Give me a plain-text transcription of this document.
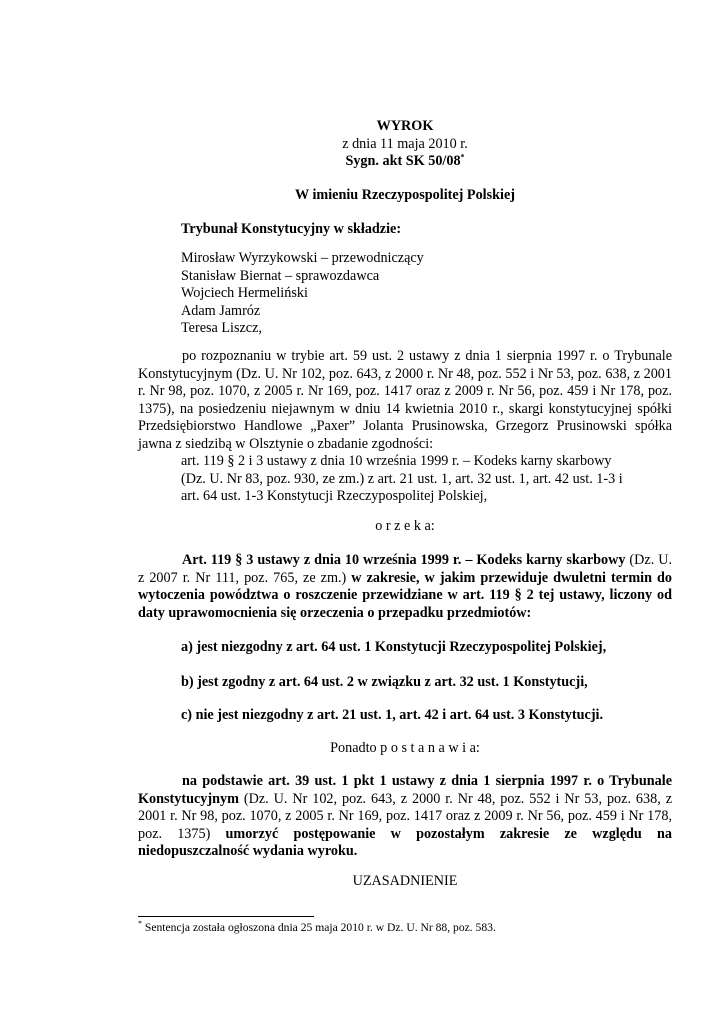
WYROK
z dnia 11 maja 2010 r.
Sygn. akt SK 50/08*
W imieniu Rzeczypospolitej Polskiej
Trybunał Konstytucyjny w składzie:
Mirosław Wyrzykowski – przewodniczący
Stanisław Biernat – sprawozdawca
Wojciech Hermeliński
Adam Jamróz
Teresa Liszcz,
po rozpoznaniu w trybie art. 59 ust. 2 ustawy z dnia 1 sierpnia 1997 r. o Trybunale Konstytucyjnym (Dz. U. Nr 102, poz. 643, z 2000 r. Nr 48, poz. 552 i Nr 53, poz. 638, z 2001 r. Nr 98, poz. 1070, z 2005 r. Nr 169, poz. 1417 oraz z 2009 r. Nr 56, poz. 459 i Nr 178, poz. 1375), na posiedzeniu niejawnym w dniu 14 kwietnia 2010 r., skargi konstytucyjnej spółki Przedsiębiorstwo Handlowe „Paxer” Jolanta Prusinowska, Grzegorz Prusinowski spółka jawna z siedzibą w Olsztynie o zbadanie zgodności:
art. 119 § 2 i 3 ustawy z dnia 10 września 1999 r. – Kodeks karny skarbowy
(Dz. U. Nr 83, poz. 930, ze zm.) z art. 21 ust. 1, art. 32 ust. 1, art. 42 ust. 1-3 i
art. 64 ust. 1-3 Konstytucji Rzeczypospolitej Polskiej,
o r z e k a:
Art. 119 § 3 ustawy z dnia 10 września 1999 r. – Kodeks karny skarbowy (Dz. U. z 2007 r. Nr 111, poz. 765, ze zm.) w zakresie, w jakim przewiduje dwuletni termin do wytoczenia powództwa o roszczenie przewidziane w art. 119 § 2 tej ustawy, liczony od daty uprawomocnienia się orzeczenia o przepadku przedmiotów:
a) jest niezgodny z art. 64 ust. 1 Konstytucji Rzeczypospolitej Polskiej,
b) jest zgodny z art. 64 ust. 2 w związku z art. 32 ust. 1 Konstytucji,
c) nie jest niezgodny z art. 21 ust. 1, art. 42 i art. 64 ust. 3 Konstytucji.
Ponadto p o s t a n a w i a:
na podstawie art. 39 ust. 1 pkt 1 ustawy z dnia 1 sierpnia 1997 r. o Trybunale Konstytucyjnym (Dz. U. Nr 102, poz. 643, z 2000 r. Nr 48, poz. 552 i Nr 53, poz. 638, z 2001 r. Nr 98, poz. 1070, z 2005 r. Nr 169, poz. 1417 oraz z 2009 r. Nr 56, poz. 459 i Nr 178, poz. 1375) umorzyć postępowanie w pozostałym zakresie ze względu na niedopuszczalność wydania wyroku.
UZASADNIENIE
* Sentencja została ogłoszona dnia 25 maja 2010 r. w Dz. U. Nr 88, poz. 583.
